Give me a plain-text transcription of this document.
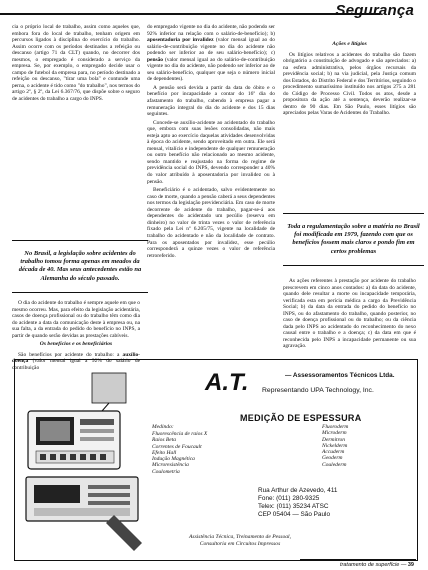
Segurança

cia o próprio local de trabalho, assim como aqueles que, embora fora do local de trabalho, tenham origem em percursos ligados à disciplina do exercício do trabalho. Assim ocorre com os períodos destinados a refeição ou descanso (artigo 71 da CLT) quando, no decorrer dos mesmos, o empregado é considerado a serviço da empresa. Se, por exemplo, o empregado decide usar o campo de futebol da empresa para, no período destinado a refeição ou descanso, "tirar uma bola" e contunde uma perna, o acidente é tido como "do trabalho", nos termos do artigo 2º, § 2º, da Lei 6.367/76, que dispõe sobre o seguro de acidentes do trabalho a cargo do INPS.

No Brasil, a legislação sobre acidentes do trabalho tomou forma apenas em meados da década de 40. Mas seus antecedentes estão na Alemanha do século passado.

O dia do acidente do trabalho é sempre aquele em que o mesmo ocorreu. Mas, para efeito da legislação acidentária, casos de doença profissional ou do trabalho têm como dia do acidente a data da comunicação deste à empresa ou, na sua falta, a da entrada do pedido do benefício no INPS, a partir de quando serão devidas as prestações cabíveis.

Os benefícios e os beneficiários

São benefícios por acidente do trabalho: a auxílio-doença (valor mensal igual a 92% do salário de contribuição

do empregado vigente no dia do acidente, não podendo ser 92% inferior na relação com o salário-de-benefício); b) aposentadoria por invalidez (valor mensal igual ao do salário-de-contribuição vigente no dia do acidente não podendo ser inferior ao de seu salário-benefício); c) pensão (valor mensal igual ao do salário-de-contribuição vigente no dia do acidente, não podendo ser inferior ao de seu salário-benefício, qualquer que seja o número inicial de dependentes).

A pensão será devida a partir da data do óbito e o benefício por incapacidade a contar do 16º dia do afastamento do trabalho, cabendo à empresa pagar a remuneração integral do dia do acidente e dos 15 dias seguintes.

Concede-se auxílio-acidente ao acidentado do trabalho que, embora com suas lesões consolidadas, não mais esteja apto ao exercício daquelas atividades desenvolvidas à época do acidente, sendo aproveitado em outra. Ele será mensal, vitalício e independente de qualquer remuneração ou outro benefício não relacionado ao mesmo acidente, sendo mantido e reajustado na forma do regime de previdência social do INPS, devendo corresponder a 40% do valor atribuído à aposentadoria por invalidez ou à pensão.

Beneficiário é o acidentado, salvo evidentemente no caso de morte, quando a pensão caberá a seus dependentes nos termos da legislação previdenciária. Em caso de morte decorrente de acidente do trabalho, pagar-se-á aos dependentes do acidentado um pecúlio (reserva em dinheiro) no valor de trinta vezes o valor de referência fixado pela Lei nº 6.205/75, vigente na localidade de trabalho do acidentado e não da localidade de contrato. Para os aposentados por invalidez, esse pecúlio corresponderá a quinze vezes o valor de referência retroreferido.

Ações e litígios

Os litígios relativos a acidentes do trabalho são fazem obrigatório a constituição de advogado e são apreciados: a) na esfera administrativa, pelos órgãos recursais da previdência social; b) na via judicial, pela Justiça comum dos Estados, do Distrito Federal e dos Territórios, seguindo o procedimento sumaríssimo instituído nos artigos 275 a 281 do Código de Processo Civil. Todos os atos, desde a propositura da ação até a sentença, deverão realizar-se dentro de 90 dias. Em São Paulo, esses litígios são apreciados pelas Varas de Acidentes do Trabalho.

Toda a regulamentação sobre a matéria no Brasil foi modificada em 1979, fazendo com que os benefícios fossem mais claros e pondo fim em certos problemas

As ações referentes à prestação por acidente do trabalho prescrevem em cinco anos contados: a) da data do acidente, quando dele resultar a morte ou incapacidade temporária, verificada esta em perícia médica a cargo da Previdência Social; b) da data da entrada do pedido do benefício no INPS, ou do afastamento do trabalho, quando posterior, no caso de doença profissional ou do trabalho; ou da ciência dada pelo INPS ao acidentado do reconhecimento do nexo causal entre o trabalho e a doença; c) da data em que é reconhecida pelo INPS a incapacidade permanente ou sua agravação.

A.T.	— Assessoramentos Técnicos Ltda.
Representando UPA Technology, Inc.
MEDIÇÃO DE ESPESSURA
Medindo:
Fluorescência de raios X
Raios Beta
Correntes de Foucault
Efeito Hall
Indução Magnética
Microresistência
Coulometria
Fluoroderm
Microderm
Dermitron
Nickelderm
Accuderm
Geoderm
Coulederm
Rua Arthur de Azevedo, 411
Fone: (011) 280-9325
Telex: (011) 35234 ATSC
CEP 05404 — São Paulo
Assistência Técnica, Treinamento de Pessoal,
Consultoria em Circuitos Impressos
tratamento de superfície — 39
